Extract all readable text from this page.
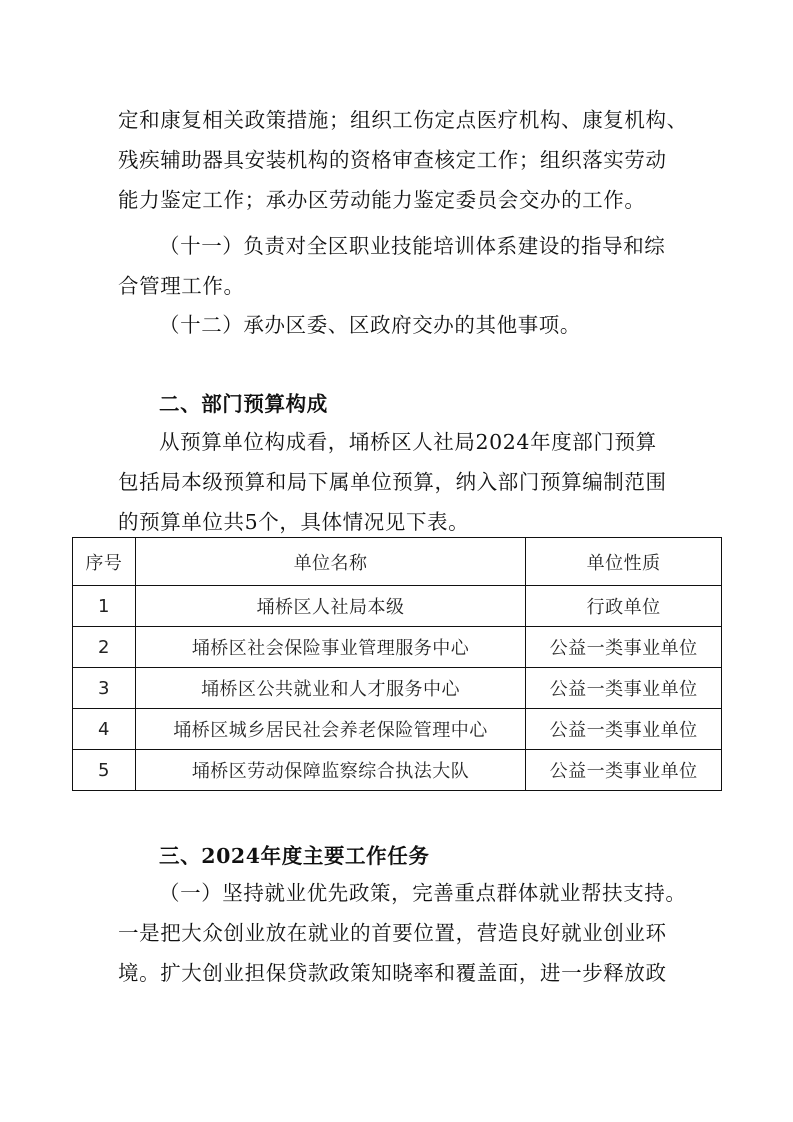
定和康复相关政策措施；组织工伤定点医疗机构、康复机构、
残疾辅助器具安装机构的资格审查核定工作；组织落实劳动
能力鉴定工作；承办区劳动能力鉴定委员会交办的工作。

（十一）负责对全区职业技能培训体系建设的指导和综
合管理工作。

（十二）承办区委、区政府交办的其他事项。

二、部门预算构成

从预算单位构成看，埇桥区人社局2024年度部门预算
包括局本级预算和局下属单位预算，纳入部门预算编制范围
的预算单位共5个，具体情况见下表。

序号	单位名称	单位性质
1	埇桥区人社局本级	行政单位
2	埇桥区社会保险事业管理服务中心	公益一类事业单位
3	埇桥区公共就业和人才服务中心	公益一类事业单位
4	埇桥区城乡居民社会养老保险管理中心	公益一类事业单位
5	埇桥区劳动保障监察综合执法大队	公益一类事业单位
三、2024年度主要工作任务

（一）坚持就业优先政策，完善重点群体就业帮扶支持。
一是把大众创业放在就业的首要位置，营造良好就业创业环
境。扩大创业担保贷款政策知晓率和覆盖面，进一步释放政
